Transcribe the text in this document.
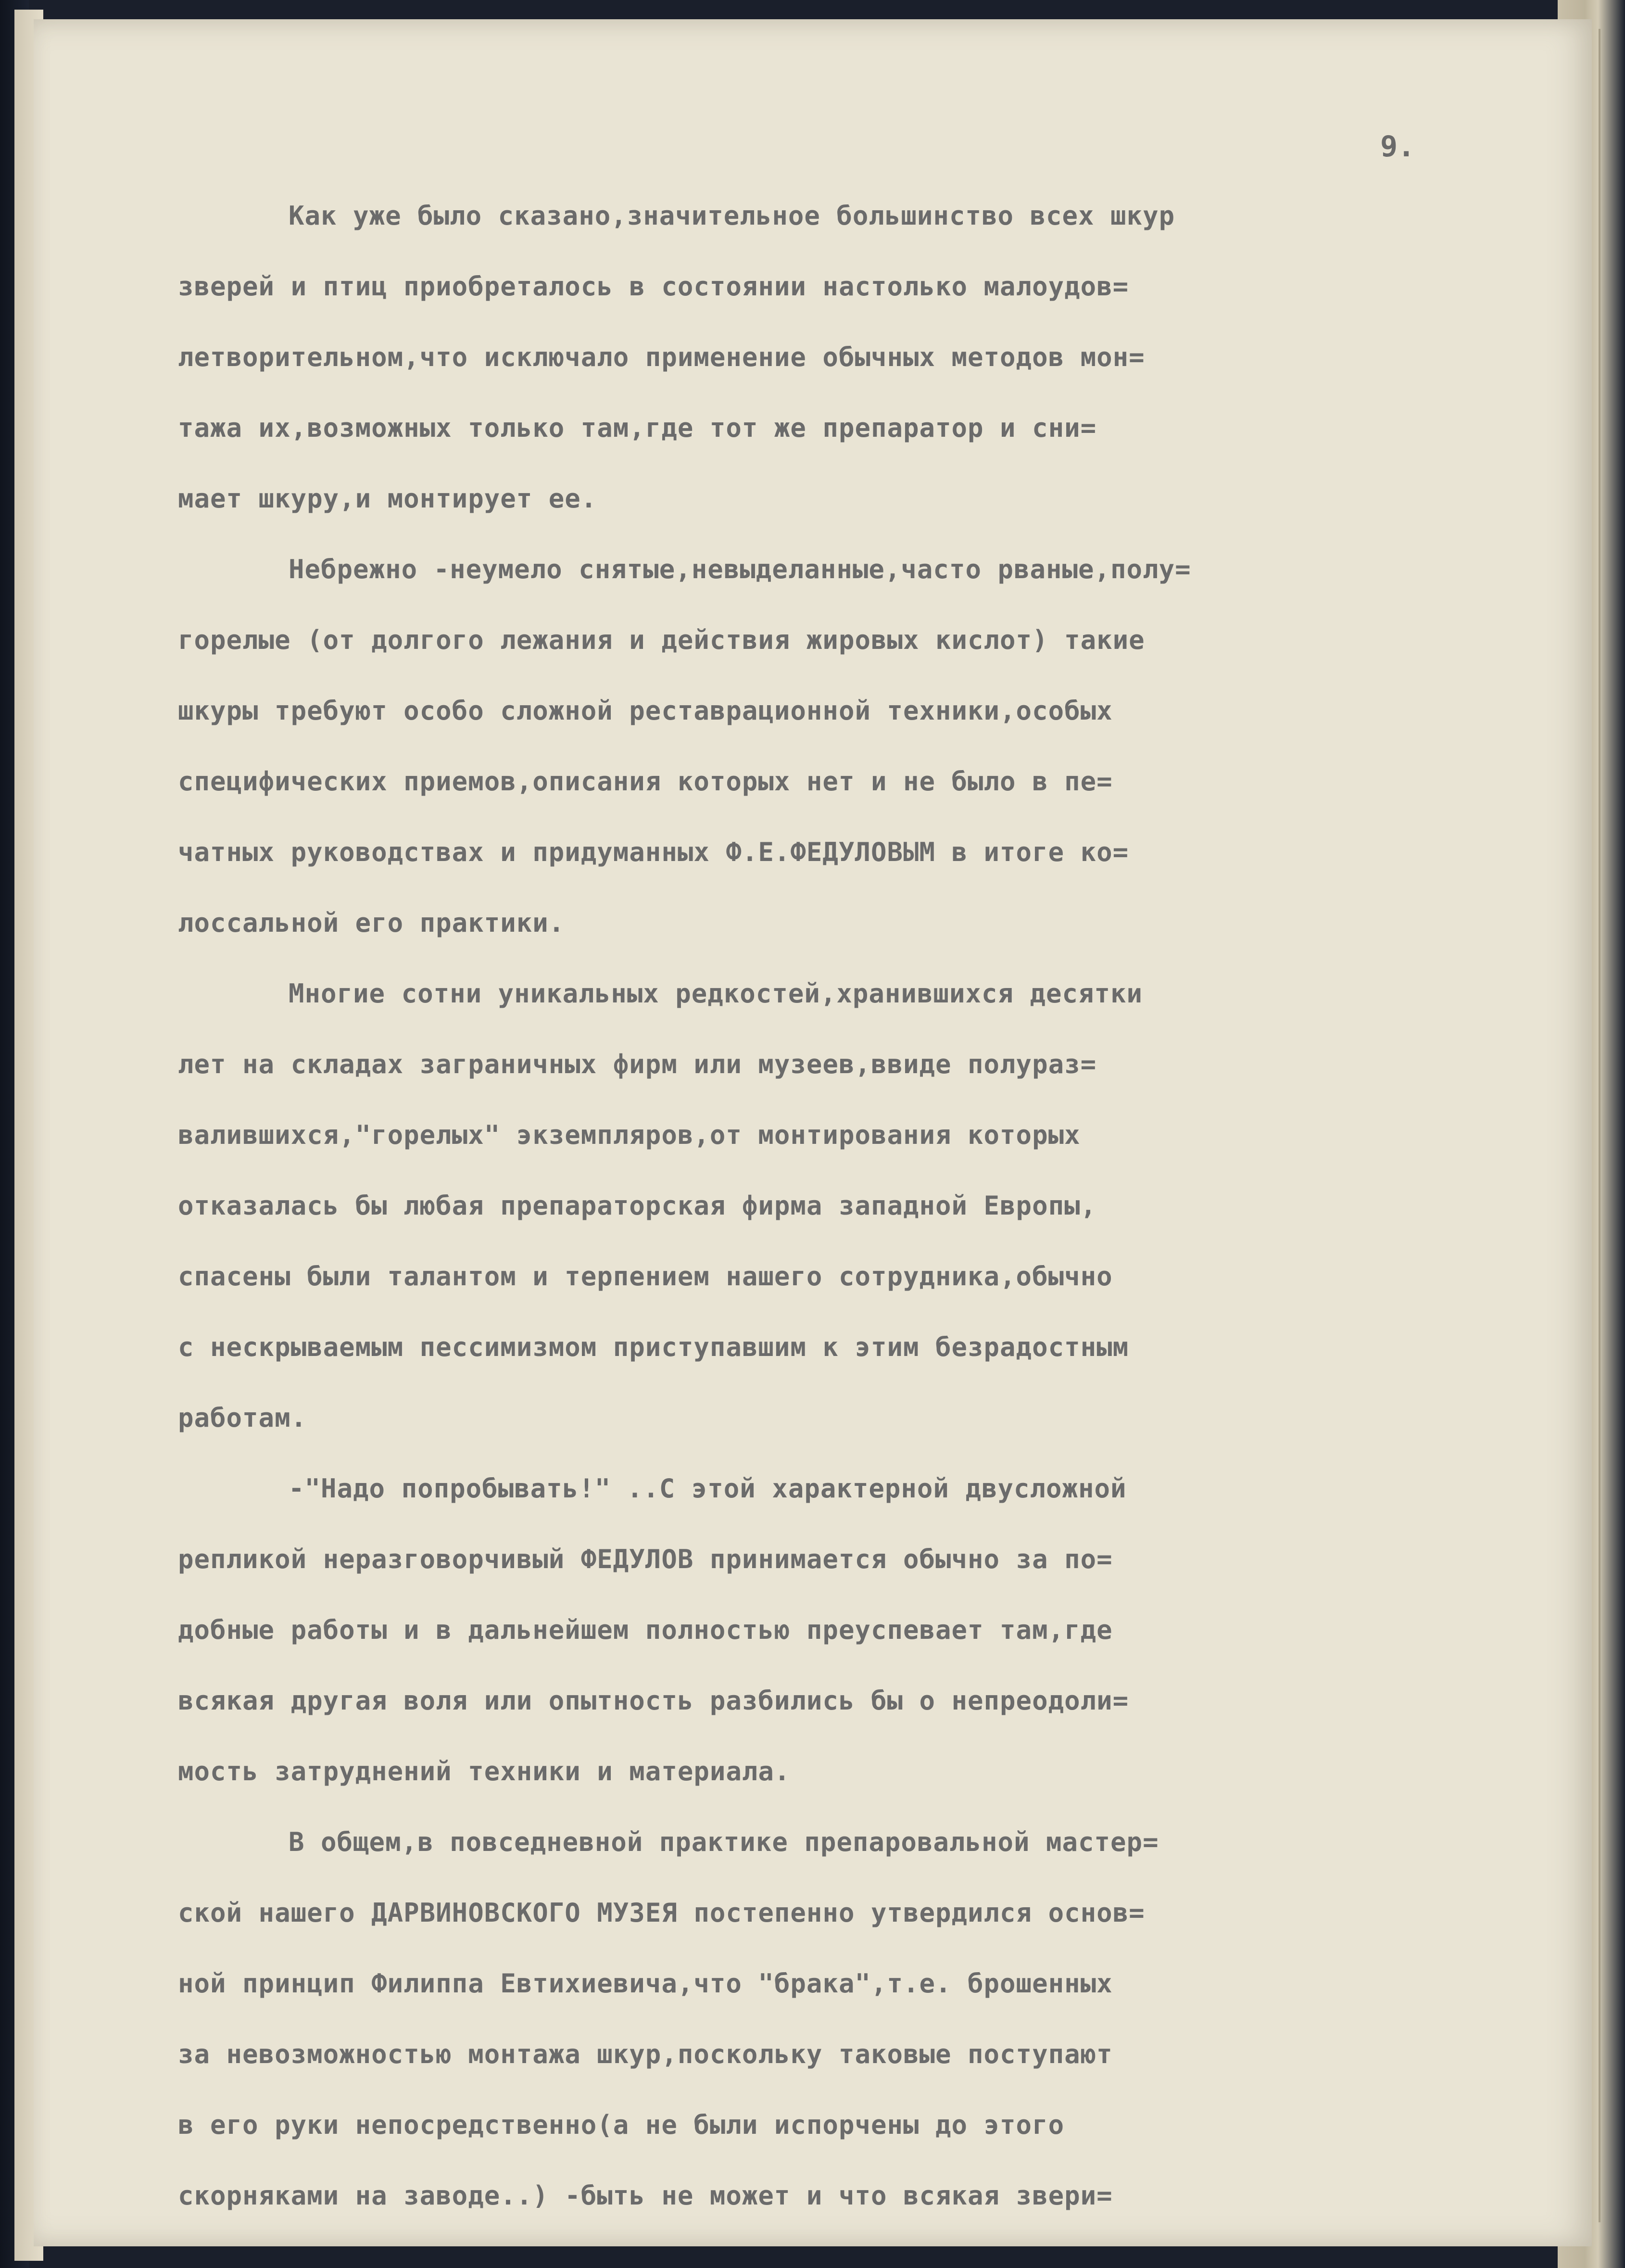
9.
Как уже было сказано,значительное большинство всех шкур
зверей и птиц приобреталось в состоянии настолько малоудов=
летворительном,что исключало применение обычных методов мон=
тажа их,возможных только там,где тот же препаратор и сни=
мает шкуру,и монтирует ее.
Небрежно -неумело снятые,невыделанные,часто рваные,полу=
горелые (от долгого лежания и действия жировых кислот) такие
шкуры требуют особо сложной реставрационной техники,особых
специфических приемов,описания которых нет и не было в пе=
чатных руководствах и придуманных Ф.Е.ФЕДУЛОВЫМ в итоге ко=
лоссальной его практики.
Многие сотни уникальных редкостей,хранившихся десятки
лет на складах заграничных фирм или музеев,ввиде полураз=
валившихся,"горелых" экземпляров,от монтирования которых
отказалась бы любая препараторская фирма западной Европы,
спасены были талантом и терпением нашего сотрудника,обычно
с нескрываемым пессимизмом приступавшим к этим безрадостным
работам.
-"Надо попробывать!" ..С этой характерной двусложной
репликой неразговорчивый ФЕДУЛОВ принимается обычно за по=
добные работы и в дальнейшем полностью преуспевает там,где
всякая другая воля или опытность разбились бы о непреодоли=
мость затруднений техники и материала.
В общем,в повседневной практике препаровальной мастер=
ской нашего ДАРВИНОВСКОГО МУЗЕЯ постепенно утвердился основ=
ной принцип Филиппа Евтихиевича,что "брака",т.е. брошенных
за невозможностью монтажа шкур,поскольку таковые поступают
в его руки непосредственно(а не были испорчены до этого
скорняками на заводе..) -быть не может и что всякая звери=
